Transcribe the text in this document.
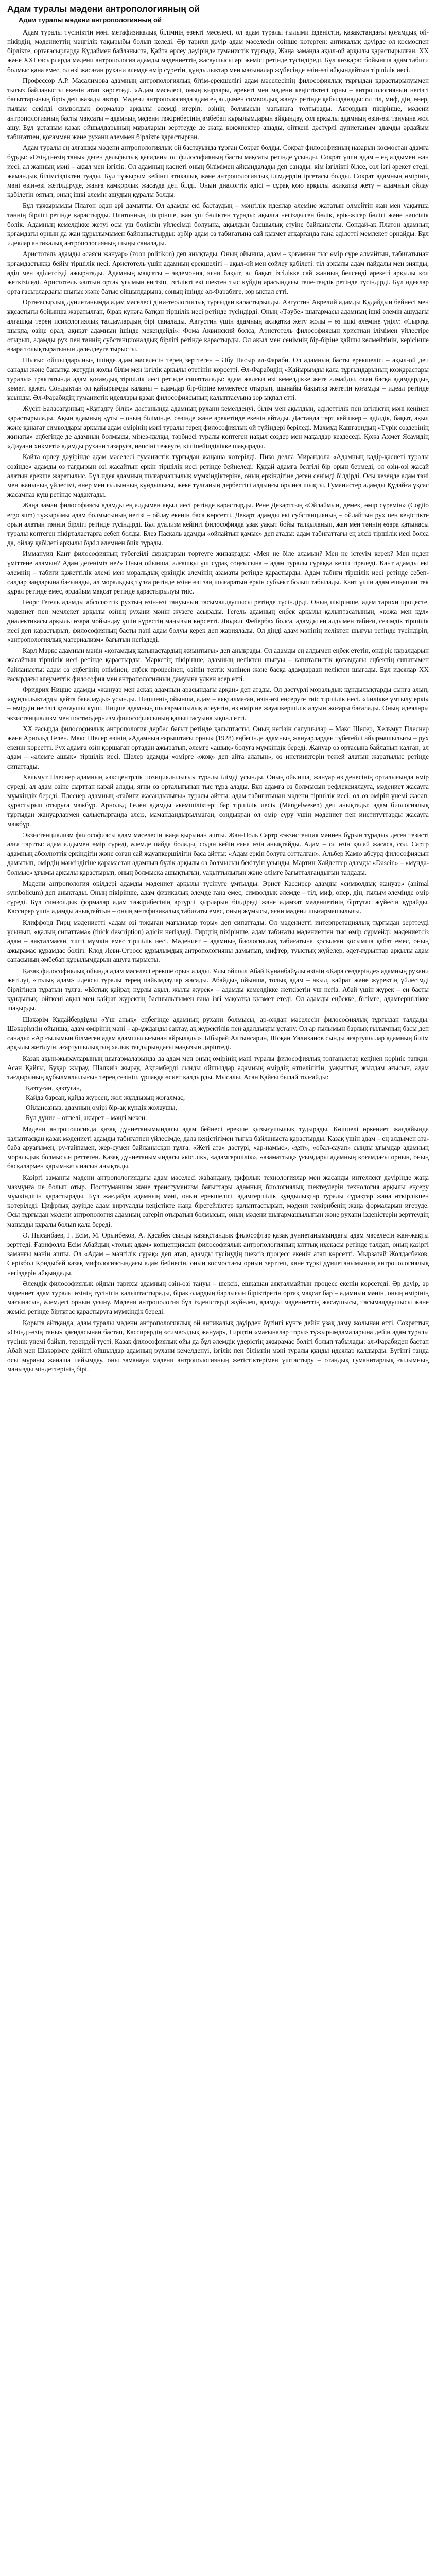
Адам туралы мәдени антропологияның ой
Адам туралы мәдени антропологияның ой

Адам туралы түсініктің мәні метафизикалық білімнің өзекті мәселесі, ол адам туралы ғылыми ізденістің, қазақстандағы қоғамдық ой-пікірдің, мәдениеттің мәңгілік тақырыбы болып келеді. Әр тарихи дәуір адам мәселесін өзінше көтерген: антикалық дәуірде ол космоспен бірлікте, ортағасырларда Құдаймен байланыста, Қайта өрлеу дәуірінде гуманистік тұрғыда, Жаңа заманда ақыл-ой арқылы қарастырылған. ХХ және ХХІ ғасырларда мәдени антропология адамды мәдениеттің жасаушысы әрі жемісі ретінде түсіндіреді. Бұл көзқарас бойынша адам табиғи болмыс қана емес, ол өзі жасаған рухани әлемде өмір сүретін, құндылықтар мен мағыналар жүйесінде өзін-өзі айқындайтын тіршілік иесі.

Профессор А.Р. Масалимова адамның антропологиялық бітім-ерекшелігі адам мәселесінің философиялық тұрғыдан қарастырылуымен тығыз байланысты екенін атап көрсетеді. «Адам мәселесі, оның қырлары, әрекеті мен мәдени кеңістіктегі орны – антропологияның негізгі бағыттарының бірі» деп жазады автор. Мәдени антропологияда адам ең алдымен символдық жанұя ретінде қабылданады: ол тіл, миф, дін, өнер, ғылым секілді символдық формалар арқылы әлемді игеріп, өзінің болмысын мағынаға толтырады. Автордың пікірінше, мәдени антропологияның басты мақсаты – адамның мәдени тәжірибесінің әмбебап құрылымдарын айқындау, сол арқылы адамның өзін-өзі тануына жол ашу. Бұл ұстаным қазақ ойшылдарының мұраларын зерттеуде де жаңа көкжиектер ашады, өйткені дәстүрлі дүниетаным адамды әрдайым табиғатпен, қоғаммен және рухани әлеммен бірлікте қарастырған.

Адам туралы ең алғашқы мәдени антропологиялық ой бастауында тұрған Сократ болды. Сократ философияның назарын космостан адамға бұрды: «Өзіңді-өзің таны» деген дельфылық қағиданы ол философияның басты мақсаты ретінде ұсынды. Сократ үшін адам – ең алдымен жан иесі, ал жанның мәні – ақыл мен ізгілік. Ол адамның қасиеті оның білімімен айқындалады деп санады: кім ізгілікті білсе, сол ізгі әрекет етеді, жамандық білімсіздіктен туады. Бұл тұжырым кейінгі этикалық және антропологиялық ілімдердің іргетасы болды. Сократ адамның өмірінің мәні өзін-өзі жетілдіруде, жанға қамқорлық жасауда деп білді. Оның диалогтік әдісі – сұрақ қою арқылы ақиқатқа жету – адамның ойлау қабілетін оятып, оның ішкі әлемін ашудың құралы болды.

Бұл тұжырымды Платон одан әрі дамытты. Ол адамды екі бастаудың – мәңгілік идеялар әлеміне жататын өлмейтін жан мен уақытша тәннің бірлігі ретінде қарастырды. Платонның пікірінше, жан үш бөліктен тұрады: ақылға негізделген бөлік, ерік-жігер бөлігі және нәпсілік бөлік. Адамның кемелдікке жетуі осы үш бөліктің үйлесімді болуына, ақылдың басшылық етуіне байланысты. Сондай-ақ Платон адамның қоғамдағы орнын да жан құрылымымен байланыстырды: әрбір адам өз табиғатына сай қызмет атқарғанда ғана әділетті мемлекет орнайды. Бұл идеялар антикалық антропологияның шыңы саналады.

Аристотель адамды «саяси жануар» (zoon politikon) деп анықтады. Оның ойынша, адам – қоғамнан тыс өмір сүре алмайтын, табиғатынан қоғамдастыққа бейім тіршілік иесі. Аристотель үшін адамның ерекшелігі – ақыл-ой мен сөйлеу қабілеті: тіл арқылы адам пайдалы мен зиянды, әділ мен әділетсізді ажыратады. Адамның мақсаты – эвдемония, яғни бақыт, ал бақыт ізгілікке сай жанның белсенді әрекеті арқылы қол жеткізіледі. Аристотель «алтын орта» ұғымын енгізіп, ізгілікті екі шектен тыс күйдің арасындағы тепе-теңдік ретінде түсіндірді. Бұл идеялар орта ғасырлардағы шығыс және батыс ойшылдарына, соның ішінде әл-Фарабиге, зор ықпал етті.

Ортағасырлық дүниетанымда адам мәселесі діни-теологиялық тұрғыдан қарастырылды. Августин Аврелий адамды Құдайдың бейнесі мен ұқсастығы бойынша жаратылған, бірақ күнәға батқан тіршілік иесі ретінде түсіндірді. Оның «Тәубе» шығармасы адамның ішкі әлемін ашудағы алғашқы терең психологиялық талдаулардың бірі саналады. Августин үшін адамның ақиқатқа жету жолы – өз ішкі әлеміне үңілу: «Сыртқа шықпа, өзіңе орал, ақиқат адамның ішінде мекендейді». Фома Аквинский болса, Аристотель философиясын христиан ілімімен үйлестіре отырып, адамды рух пен тәннің субстанционалдық бірлігі ретінде қарастырды. Ол ақыл мен сенімнің бір-біріне қайшы келмейтінін, керісінше өзара толықтыратынын дәлелдеуге тырысты.

Шығыс ойшылдарының ішінде адам мәселесін терең зерттеген – Әбу Насыр әл-Фараби. Ол адамның басты ерекшелігі – ақыл-ой деп санады және бақытқа жетудің жолы білім мен ізгілік арқылы өтетінін көрсетті. Әл-Фарабидің «Қайырымды қала тұрғындарының көзқарастары туралы» трактатында адам қоғамдық тіршілік иесі ретінде сипатталады: адам жалғыз өзі кемелдікке жете алмайды, оған басқа адамдардың көмегі қажет. Сондықтан ол қайырымды қаланы – адамдар бір-біріне көмектесе отырып, шынайы бақытқа жететін қоғамды – идеал ретінде ұсынды. Әл-Фарабидің гуманистік идеялары қазақ философиясының қалыптасуына зор ықпал етті.

Жүсіп Баласағұнның «Құтадғу білік» дастанында адамның рухани кемелденуі, білім мен ақылдың, әділеттілік пен ізгіліктің мәні кеңінен қарастырылады. Ақын адамның құты – оның білімінде, сөзінде және әрекетінде екенін айтады. Дастанда төрт кейіпкер – әділдік, бақыт, ақыл және қанағат символдары арқылы адам өмірінің мәні туралы терең философиялық ой түйіндері беріледі. Махмұд Қашғаридың «Түрік сөздерінің жинағы» еңбегінде де адамның болмысы, мінез-құлқы, тәрбиесі туралы көптеген нақыл сөздер мен мақалдар кездеседі. Қожа Ахмет Ясауидің «Диуани хикметі» адамды рухани тазаруға, нәпсіні тежеуге, кішіпейілділікке шақырады.

Қайта өрлеу дәуірінде адам мәселесі гуманистік тұрғыдан жаңаша көтерілді. Пико делла Мирандола «Адамның қадір-қасиеті туралы сөзінде» адамды өз тағдырын өзі жасайтын еркін тіршілік иесі ретінде бейнеледі: Құдай адамға белгілі бір орын бермеді, ол өзін-өзі жасай алатын ерекше жаратылыс. Бұл идея адамның шығармашылық мүмкіндіктеріне, оның еркіндігіне деген сенімді білдірді. Осы кезеңде адам тәні мен жанының үйлесімі, өнер мен ғылымның құндылығы, жеке тұлғаның дербестігі алдыңғы орынға шықты. Гуманистер адамды Құдайға ұқсас жасампаз күш ретінде мадақтады.

Жаңа заман философиясы адамды ең алдымен ақыл иесі ретінде қарастырды. Рене Декарттың «Ойлаймын, демек, өмір сүремін» (Cogito ergo sum) тұжырымы адам болмысының негізі – ойлау екенін баса көрсетті. Декарт адамды екі субстанцияның – ойлайтын рух пен кеңістікте орын алатын тәннің бірлігі ретінде түсіндірді. Бұл дуализм кейінгі философияда ұзақ уақыт бойы талқыланып, жан мен тәннің өзара қатынасы туралы көптеген пікірталастарға себеп болды. Блез Паскаль адамды «ойлайтын қамыс» деп атады: адам табиғаттағы ең әлсіз тіршілік иесі болса да, ойлау қабілеті арқылы бүкіл әлемнен биік тұрады.

Иммануил Кант философияның түбегейлі сұрақтарын төртеуге жинақтады: «Мен не біле аламын? Мен не істеуім керек? Мен неден үміттене аламын? Адам дегеніміз не?» Оның ойынша, алғашқы үш сұрақ соңғысына – адам туралы сұраққа келіп тіреледі. Кант адамды екі әлемнің – табиғи қажеттілік әлемі мен моральдық еркіндік әлемінің азаматы ретінде қарастырды. Адам табиғи тіршілік иесі ретінде себеп-салдар заңдарына бағынады, ал моральдық тұлға ретінде өзіне өзі заң шығаратын еркін субъект болып табылады. Кант үшін адам ешқашан тек құрал ретінде емес, әрдайым мақсат ретінде қарастырылуы тиіс.

Георг Гегель адамды абсолюттік рухтың өзін-өзі тануының тасымалдаушысы ретінде түсіндірді. Оның пікірінше, адам тарихи процесте, мәдениет пен мемлекет арқылы өзінің рухани мәнін жүзеге асырады. Гегель адамның еңбек арқылы қалыптасатынын, «қожа мен құл» диалектикасы арқылы өзара мойындау үшін күрестің маңызын көрсетті. Людвиг Фейербах болса, адамды ең алдымен табиғи, сезімдік тіршілік иесі деп қарастырып, философияның басты пәні адам болуы керек деп жариялады. Ол дінді адам мәнінің иеліктен шығуы ретінде түсіндіріп, «антропологиялық материализм» бағытын негіздеді.

Карл Маркс адамның мәнін «қоғамдық қатынастардың жиынтығы» деп анықтады. Ол адамды ең алдымен еңбек ететін, өндіріс құралдарын жасайтын тіршілік иесі ретінде қарастырды. Маркстің пікірінше, адамның иеліктен шығуы – капиталистік қоғамдағы еңбектің сипатымен байланысты: адам өз еңбегінің өнімінен, еңбек процесінен, өзінің тектік мәнінен және басқа адамдардан иеліктен шығады. Бұл идеялар ХХ ғасырдағы әлеуметтік философия мен антропологияның дамуына үлкен әсер етті.

Фридрих Ницше адамды «жануар мен асқақ адамның арасындағы арқан» деп атады. Ол дәстүрлі моральдық құндылықтарды сынға алып, «құндылықтарды қайта бағалауды» ұсынды. Ницшенің ойынша, адам – аяқталмаған, өзін-өзі еңсеруге тиіс тіршілік иесі. «Билікке ұмтылу еркі» – өмірдің негізгі қозғаушы күші. Ницше адамның шығармашылық әлеуетін, өз өміріне жауапкершілік алуын жоғары бағалады. Оның идеялары экзистенциализм мен постмодернизм философиясының қалыптасуына ықпал етті.

ХХ ғасырда философиялық антропология дербес бағыт ретінде қалыптасты. Оның негізін салушылар – Макс Шелер, Хельмут Плеснер және Арнольд Гелен. Макс Шелер өзінің «Адамның ғарыштағы орны» (1928) еңбегінде адамның жануарлардан түбегейлі айырмашылығы – рух екенін көрсетті. Рух адамға өзін қоршаған ортадан ажыратып, әлемге «ашық» болуға мүмкіндік береді. Жануар өз ортасына байланып қалған, ал адам – «әлемге ашық» тіршілік иесі. Шелер адамды «өмірге «жоқ» деп айта алатын», өз инстинктерін тежей алатын жаратылыс ретінде сипаттады.

Хельмут Плеснер адамның «эксцентрлік позициялылығы» туралы ілімді ұсынды. Оның ойынша, жануар өз денесінің орталығында өмір сүреді, ал адам өзіне сырттан қарай алады, яғни өз орталығынан тыс тұра алады. Бұл адамға өз болмысын рефлексиялауға, мәдениет жасауға мүмкіндік береді. Плеснер адамның «табиғи жасандылығы» туралы айтты: адам табиғатынан мәдени тіршілік иесі, ол өз өмірін үнемі жасап, құрастырып отыруға мәжбүр. Арнольд Гелен адамды «кемшіліктері бар тіршілік иесі» (Mängelwesen) деп анықтады: адам биологиялық тұрғыдан жануарлармен салыстырғанда әлсіз, мамандандырылмаған, сондықтан ол өмір сүру үшін мәдениет пен институттарды жасауға мәжбүр.

Экзистенциализм философиясы адам мәселесін жаңа қырынан ашты. Жан-Поль Сартр «экзистенция мәннен бұрын тұрады» деген тезисті алға тартты: адам алдымен өмір сүреді, әлемде пайда болады, содан кейін ғана өзін анықтайды. Адам – ол өзін қалай жасаса, сол. Сартр адамның абсолюттік еркіндігін және соған сай жауапкершілігін баса айтты: «Адам еркін болуға сотталған». Альбер Камю абсурд философиясын дамытып, өмірдің мәнсіздігіне қарамастан адамның бүлік арқылы өз болмысын бекітуін ұсынды. Мартин Хайдеггер адамды «Dasein» – «мұнда-болмыс» ұғымы арқылы қарастырып, оның болмысқа ашықтығын, уақыттылығын және өлімге бағытталғандығын талдады.

Мәдени антропология өкілдері адамды мәдениет арқылы түсінуге ұмтылды. Эрнст Кассирер адамды «символдық жануар» (animal symbolicum) деп анықтады. Оның пікірінше, адам физикалық әлемде ғана емес, символдық әлемде – тіл, миф, өнер, дін, ғылым әлемінде өмір сүреді. Бұл символдық формалар адам тәжірибесінің әртүрлі қырларын білдіреді және адамзат мәдениетінің біртұтас жүйесін құрайды. Кассирер үшін адамды анықтайтын – оның метафизикалық табиғаты емес, оның жұмысы, яғни мәдени шығармашылығы.

Клиффорд Гирц мәдениетті «адам өзі тоқыған мағыналар торы» деп сипаттады. Ол мәдениетті интерпретациялық тұрғыдан зерттеуді ұсынып, «қалың сипаттама» (thick description) әдісін негіздеді. Гирцтің пікірінше, адам табиғаты мәдениеттен тыс өмір сүрмейді: мәдениетсіз адам – аяқталмаған, тіпті мүмкін емес тіршілік иесі. Мәдениет – адамның биологиялық табиғатына қосылған қосымша қабат емес, оның ажырамас құрамдас бөлігі. Клод Леви-Стросс құрылымдық антропологияны дамытып, мифтер, туыстық жүйелер, әдет-ғұрыптар арқылы адам санасының әмбебап құрылымдарын ашуға тырысты.

Қазақ философиялық ойында адам мәселесі ерекше орын алады. Ұлы ойшыл Абай Құнанбайұлы өзінің «Қара сөздерінде» адамның рухани жетілуі, «толық адам» идеясы туралы терең пайымдаулар жасады. Абайдың ойынша, толық адам – ақыл, қайрат және жүректің үйлесімді бірлігінен тұратын тұлға. «Ыстық қайрат, нұрлы ақыл, жылы жүрек» – адамды кемелдікке жеткізетін үш негіз. Абай үшін жүрек – ең басты құндылық, өйткені ақыл мен қайрат жүректің басшылығымен ғана ізгі мақсатқа қызмет етеді. Ол адамды еңбекке, білімге, адамгершілікке шақырды.

Шәкәрім Құдайбердіұлы «Үш анық» еңбегінде адамның рухани болмысы, ар-ождан мәселесін философиялық тұрғыдан талдады. Шәкәрімнің ойынша, адам өмірінің мәні – ар-ұжданды сақтау, ақ жүректілік пен адалдықты ұстану. Ол ар ғылымын барлық ғылымның басы деп санады: «Ар ғылымын білмеген адам адамшылығынан айрылады». Ыбырай Алтынсарин, Шоқан Уәлиханов сынды ағартушылар адамның білім арқылы жетілуін, ағартушылықтың халық тағдырындағы маңызын дәріптеді.

Қазақ ақын-жырауларының шығармаларында да адам мен оның өмірінің мәні туралы философиялық толғаныстар кеңінен көрініс тапқан. Асан Қайғы, Бұқар жырау, Шалкиіз жырау, Ақтамберді сынды ойшылдар адамның өмірдің өтпелілігін, уақыттың жылдам ағысын, адам тағдырының құбылмалылығын терең сезініп, ұрпаққа өсиет қалдырды. Мысалы, Асан Қайғы былай толғайды:

Қазтуған, қазтуған,

Қайда барсаң, қайда жүрсең, жол жұлдызың жоғалмас,

Ойлансаңыз, адамның өмірі бір-ақ күндік жолаушы,

Бұл дүние – өтпелі, ақырет – мәңгі мекен.

Мәдени антропологияда қазақ дүниетанымындағы адам бейнесі ерекше қызығушылық тудырады. Көшпелі өркениет жағдайында қалыптасқан қазақ мәдениеті адамды табиғатпен үйлесімде, дала кеңістігімен тығыз байланыста қарастырды. Қазақ үшін адам – ең алдымен ата-баба аруағымен, ру-тайпамен, жер-сумен байланысқан тұлға. «Жеті ата» дәстүрі, «ар-намыс», «ұят», «обал-сауап» сынды ұғымдар адамның моральдық болмысын реттеген. Қазақ дүниетанымындағы «кісілік», «адамгершілік», «азаматтық» ұғымдары адамның қоғамдағы орнын, оның басқалармен қарым-қатынасын анықтады.

Қазіргі заманғы мәдени антропологиядағы адам мәселесі жаһандану, цифрлық технологиялар мен жасанды интеллект дәуірінде жаңа мазмұнға ие болып отыр. Постгуманизм және трансгуманизм бағыттары адамның биологиялық шектеулерін технология арқылы еңсеру мүмкіндігін қарастырады. Бұл жағдайда адамның мәні, оның ерекшелігі, адамгершілік құндылықтар туралы сұрақтар жаңа өткірлікпен көтеріледі. Цифрлық дәуірде адам виртуалды кеңістікте жаңа бірегейліктер қалыптастырып, мәдени тәжірибенің жаңа формаларын игеруде. Осы тұрғыдан мәдени антропология адамның өзгеріп отыратын болмысын, оның мәдени шығармашылығын және рухани іздenістерін зерттеудің маңызды құралы болып қала береді.

Ә. Нысанбаев, Ғ. Есім, М. Орынбеков, А. Қасабек сынды қазақстандық философтар қазақ дүниетанымындағы адам мәселесін жан-жақты зерттеді. Ғарифолла Есім Абайдың «толық адам» концепциясын философиялық антропологияның ұлттық нұсқасы ретінде талдап, оның қазіргі заманғы мәнін ашты. Ол «Адам – мәңгілік сұрақ» деп атап, адамды түсінудің шексіз процесс екенін атап көрсетті. Мырзатай Жолдасбеков, Серікбол Қондыбай қазақ мифологиясындағы адам бейнесін, оның космостағы орнын зерттеп, көне түркі дүниетанымының антропологиялық негіздерін айқындады.

Әлемдік философиялық ойдың тарихы адамның өзін-өзі тануы – шексіз, ешқашан аяқталмайтын процесс екенін көрсетеді. Әр дәуір, әр мәдениет адам туралы өзінің түсінігін қалыптастырады, бірақ олардың барлығын біріктіретін ортақ мақсат бар – адамның мәнін, оның өмірінің мағынасын, әлемдегі орнын ұғыну. Мәдени антропология бұл ізденістерді жүйелеп, адамды мәдениеттің жасаушысы, тасымалдаушысы және жемісі ретінде біртұтас қарастыруға мүмкіндік береді.

Қорыта айтқанда, адам туралы мәдени антропологиялық ой антикалық дәуірден бүгінгі күнге дейін ұзақ даму жолынан өтті. Сократтың «Өзіңді-өзің таны» қағидасынан бастап, Кассирердің «символдық жануар», Гирцтің «мағыналар торы» тұжырымдамаларына дейін адам туралы түсінік үнемі байып, тереңдей түсті. Қазақ философиялық ойы да бұл әлемдік үдерістің ажырамас бөлігі болып табылады: әл-Фарабиден бастап Абай мен Шәкәрімге дейінгі ойшылдар адамның рухани кемелденуі, ізгілік пен білімнің мәні туралы құнды идеялар қалдырды. Бүгінгі таңда осы мұраны жаңаша пайымдау, оны заманауи мәдени антропологияның жетістіктерімен ұштастыру – отандық гуманитарлық ғылымның маңызды міндеттерінің бірі.
